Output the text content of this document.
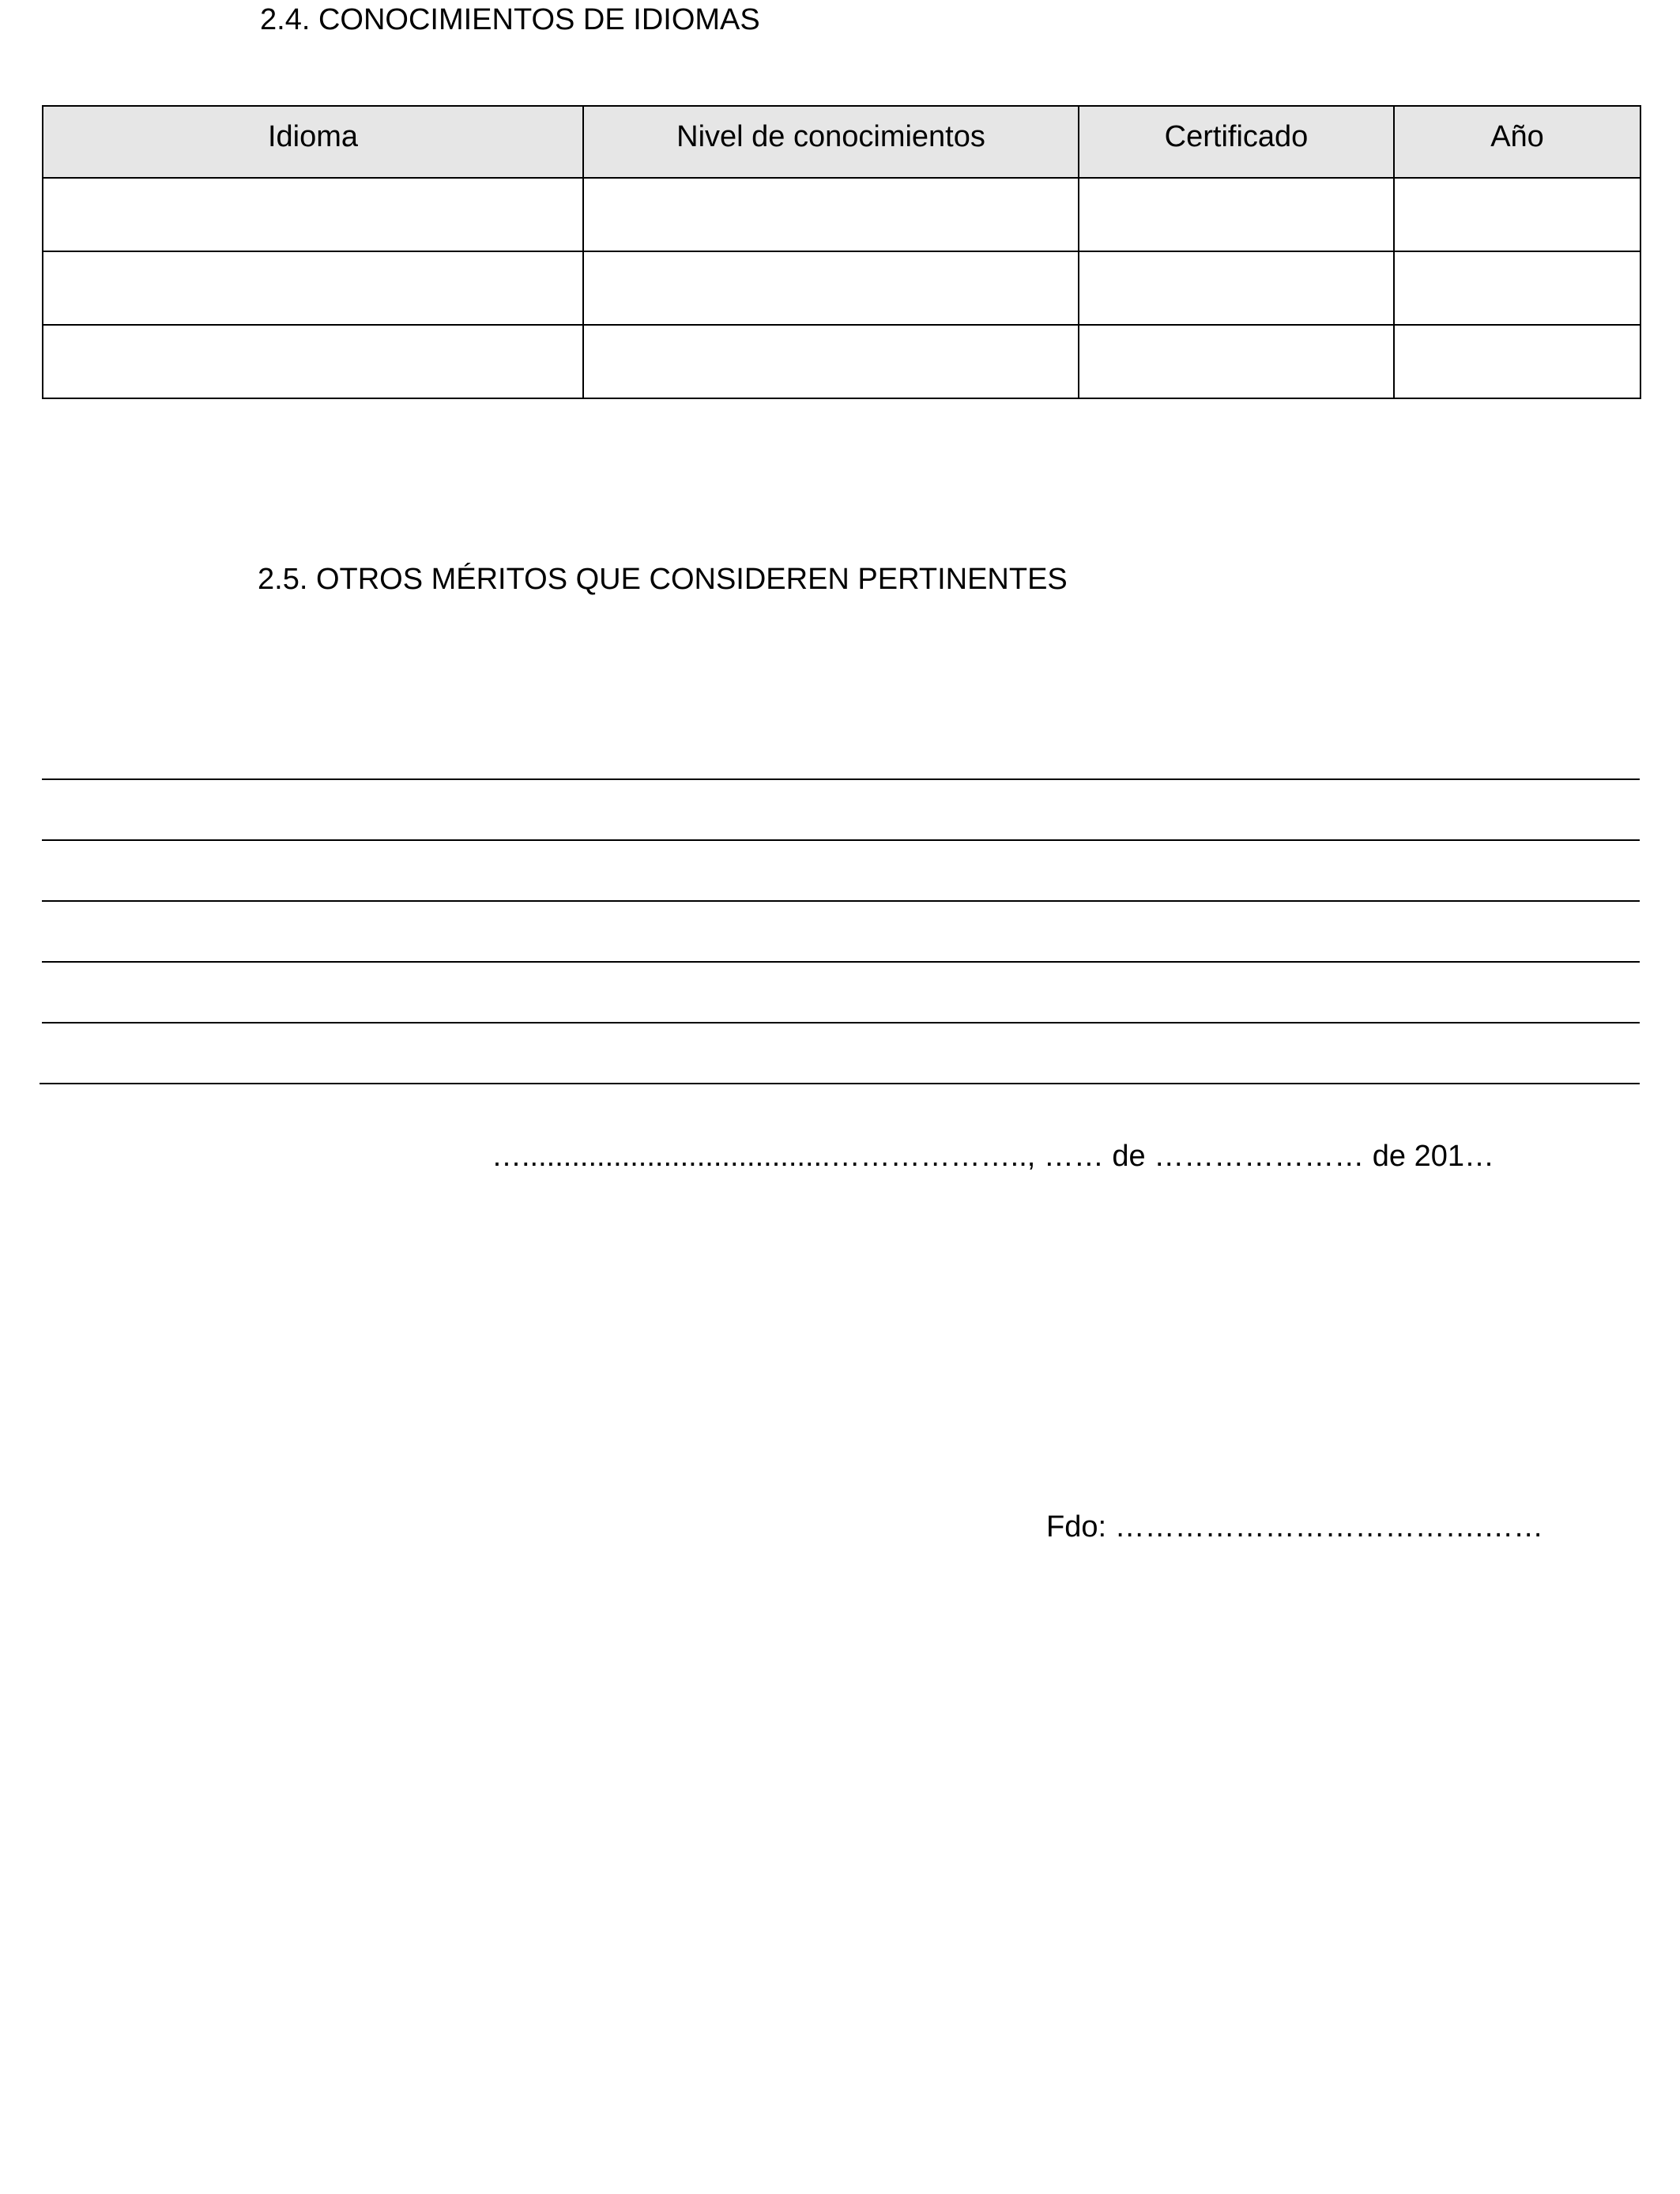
2.4. CONOCIMIENTOS DE IDIOMAS
Idioma	Nivel de conocimientos	Certificado	Año

2.5. OTROS MÉRITOS QUE CONSIDEREN PERTINENTES
….....................................……………….., …… de ………………… de 201…
Fdo: ……………………………….……
